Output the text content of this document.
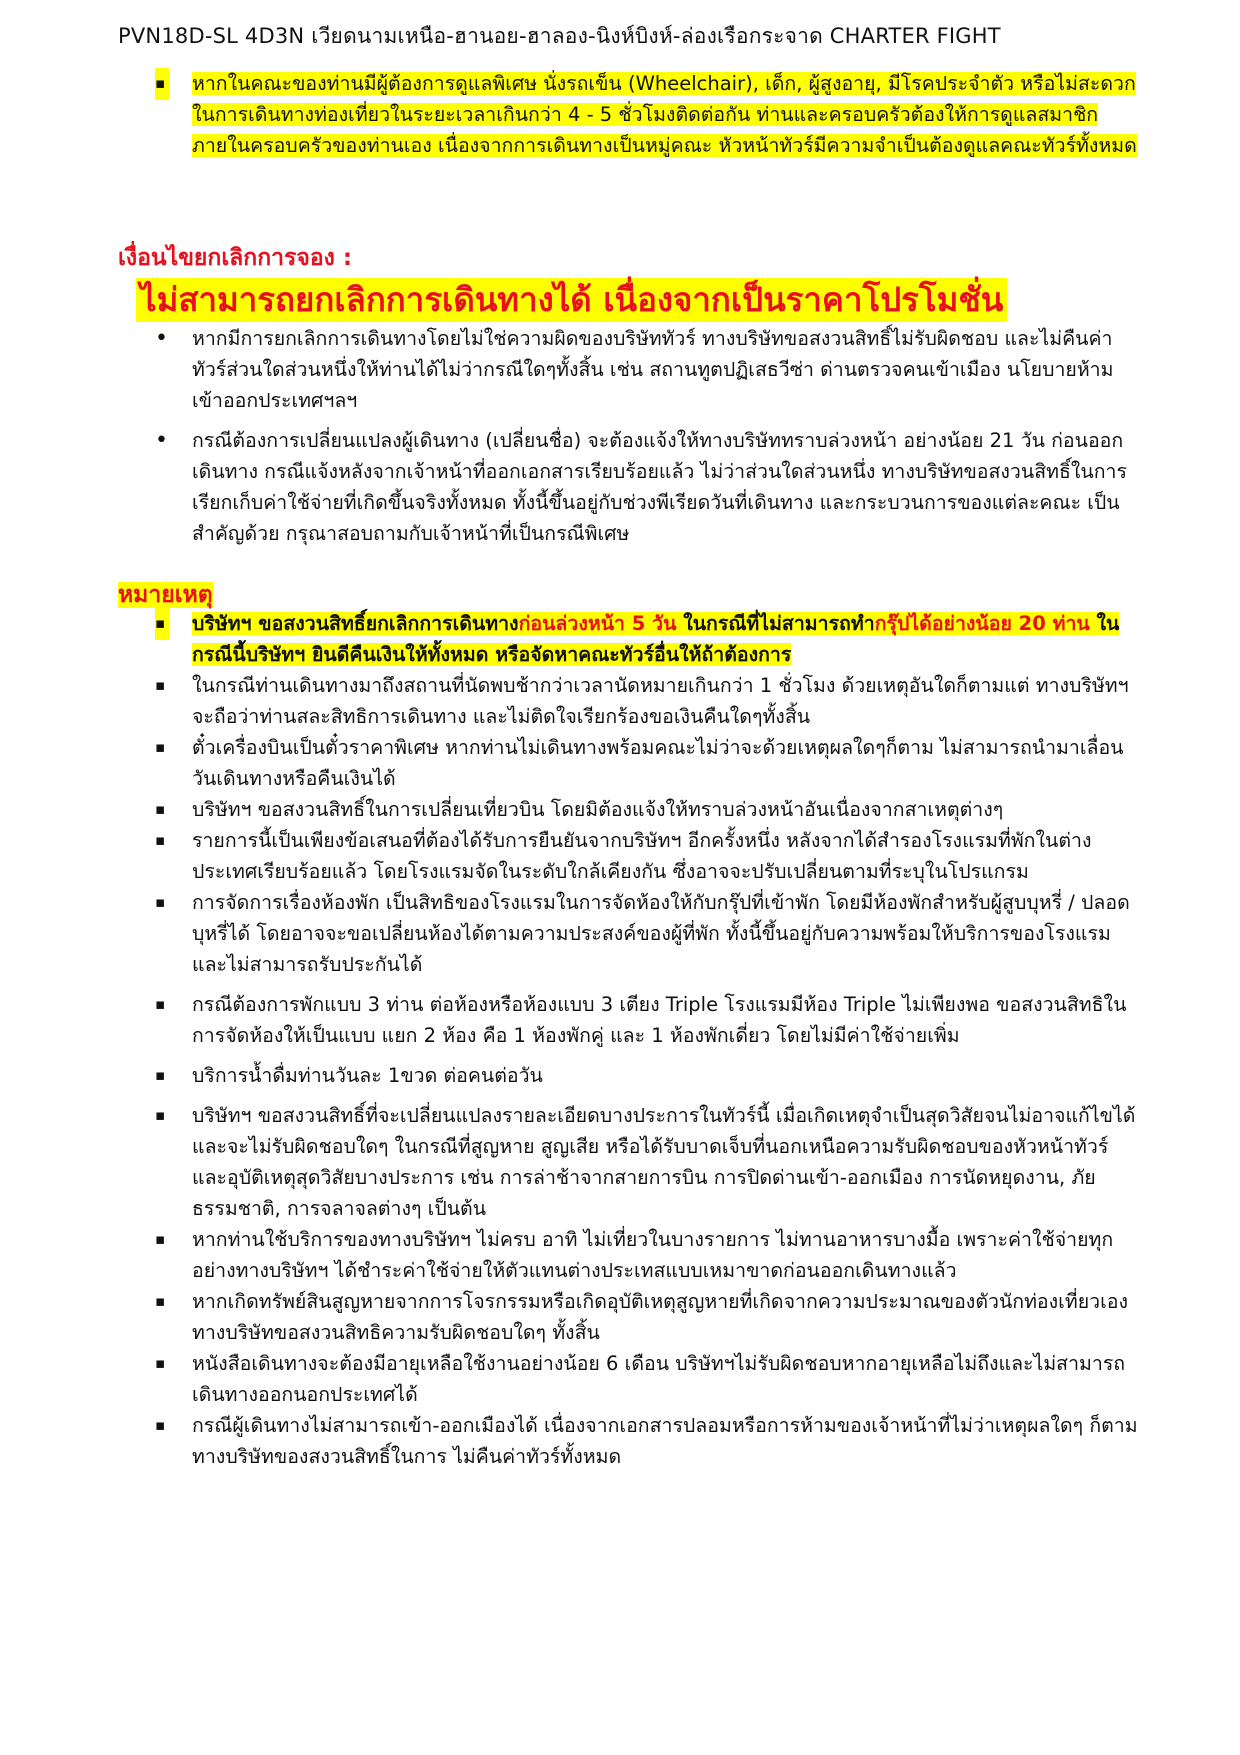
PVN18D-SL 4D3N เวียดนามเหนือ-ฮานอย-ฮาลอง-นิงห์บิงห์-ล่องเรือกระจาด CHARTER FIGHT
▪
หากในคณะของท่านมีผู้ต้องการดูแลพิเศษ นั่งรถเข็น (Wheelchair), เด็ก, ผู้สูงอายุ, มีโรคประจำตัว หรือไม่สะดวกในการเดินทางท่องเที่ยวในระยะเวลาเกินกว่า 4 - 5 ชั่วโมงติดต่อกัน ท่านและครอบครัวต้องให้การดูแลสมาชิกภายในครอบครัวของท่านเอง เนื่องจากการเดินทางเป็นหมู่คณะ หัวหน้าทัวร์มีความจำเป็นต้องดูแลคณะทัวร์ทั้งหมด
เงื่อนไขยกเลิกการจอง :
ไม่สามารถยกเลิกการเดินทางได้ เนื่องจากเป็นราคาโปรโมชั่น
•
หากมีการยกเลิกการเดินทางโดยไม่ใช่ความผิดของบริษัททัวร์ ทางบริษัทขอสงวนสิทธิ์ไม่รับผิดชอบ และไม่คืนค่าทัวร์ส่วนใดส่วนหนึ่งให้ท่านได้ไม่ว่ากรณีใดๆทั้งสิ้น เช่น สถานทูตปฏิเสธวีซ่า ด่านตรวจคนเข้าเมือง นโยบายห้ามเข้าออกประเทศฯลฯ
•
กรณีต้องการเปลี่ยนแปลงผู้เดินทาง (เปลี่ยนชื่อ) จะต้องแจ้งให้ทางบริษัททราบล่วงหน้า อย่างน้อย 21 วัน ก่อนออกเดินทาง กรณีแจ้งหลังจากเจ้าหน้าที่ออกเอกสารเรียบร้อยแล้ว ไม่ว่าส่วนใดส่วนหนึ่ง ทางบริษัทขอสงวนสิทธิ์ในการเรียกเก็บค่าใช้จ่ายที่เกิดขึ้นจริงทั้งหมด ทั้งนี้ขึ้นอยู่กับช่วงพีเรียดวันที่เดินทาง และกระบวนการของแต่ละคณะ เป็นสำคัญด้วย กรุณาสอบถามกับเจ้าหน้าที่เป็นกรณีพิเศษ
หมายเหตุ
▪
บริษัทฯ ขอสงวนสิทธิ์ยกเลิกการเดินทางก่อนล่วงหน้า 5 วัน ในกรณีที่ไม่สามารถทำกรุ๊ปได้อย่างน้อย 20 ท่าน ในกรณีนี้บริษัทฯ ยินดีคืนเงินให้ทั้งหมด หรือจัดหาคณะทัวร์อื่นให้ถ้าต้องการ
▪
ในกรณีท่านเดินทางมาถึงสถานที่นัดพบช้ากว่าเวลานัดหมายเกินกว่า 1 ชั่วโมง ด้วยเหตุอันใดก็ตามแต่ ทางบริษัทฯจะถือว่าท่านสละสิทธิการเดินทาง และไม่ติดใจเรียกร้องขอเงินคืนใดๆทั้งสิ้น
▪
ตั๋วเครื่องบินเป็นตั๋วราคาพิเศษ หากท่านไม่เดินทางพร้อมคณะไม่ว่าจะด้วยเหตุผลใดๆก็ตาม ไม่สามารถนำมาเลื่อนวันเดินทางหรือคืนเงินได้
▪
บริษัทฯ ขอสงวนสิทธิ์ในการเปลี่ยนเที่ยวบิน โดยมิต้องแจ้งให้ทราบล่วงหน้าอันเนื่องจากสาเหตุต่างๆ
▪
รายการนี้เป็นเพียงข้อเสนอที่ต้องได้รับการยืนยันจากบริษัทฯ อีกครั้งหนึ่ง หลังจากได้สำรองโรงแรมที่พักในต่างประเทศเรียบร้อยแล้ว โดยโรงแรมจัดในระดับใกล้เคียงกัน ซึ่งอาจจะปรับเปลี่ยนตามที่ระบุในโปรแกรม
▪
การจัดการเรื่องห้องพัก เป็นสิทธิของโรงแรมในการจัดห้องให้กับกรุ๊ปที่เข้าพัก โดยมีห้องพักสำหรับผู้สูบบุหรี่ / ปลอดบุหรี่ได้ โดยอาจจะขอเปลี่ยนห้องได้ตามความประสงค์ของผู้ที่พัก ทั้งนี้ขึ้นอยู่กับความพร้อมให้บริการของโรงแรม และไม่สามารถรับประกันได้
▪
กรณีต้องการพักแบบ 3 ท่าน ต่อห้องหรือห้องแบบ 3 เตียง Triple โรงแรมมีห้อง Triple ไม่เพียงพอ ขอสงวนสิทธิในการจัดห้องให้เป็นแบบ แยก 2 ห้อง คือ 1 ห้องพักคู่ และ 1 ห้องพักเดี่ยว โดยไม่มีค่าใช้จ่ายเพิ่ม
▪
บริการน้ำดื่มท่านวันละ 1ขวด ต่อคนต่อวัน
▪
บริษัทฯ ขอสงวนสิทธิ์ที่จะเปลี่ยนแปลงรายละเอียดบางประการในทัวร์นี้ เมื่อเกิดเหตุจำเป็นสุดวิสัยจนไม่อาจแก้ไขได้ และจะไม่รับผิดชอบใดๆ ในกรณีที่สูญหาย สูญเสีย หรือได้รับบาดเจ็บที่นอกเหนือความรับผิดชอบของหัวหน้าทัวร์และอุบัติเหตุสุดวิสัยบางประการ เช่น การล่าช้าจากสายการบิน การปิดด่านเข้า-ออกเมือง การนัดหยุดงาน, ภัยธรรมชาติ, การจลาจลต่างๆ เป็นต้น
▪
หากท่านใช้บริการของทางบริษัทฯ ไม่ครบ อาทิ ไม่เที่ยวในบางรายการ ไม่ทานอาหารบางมื้อ เพราะค่าใช้จ่ายทุกอย่างทางบริษัทฯ ได้ชำระค่าใช้จ่ายให้ตัวแทนต่างประเทสแบบเหมาขาดก่อนออกเดินทางแล้ว
▪
หากเกิดทรัพย์สินสูญหายจากการโจรกรรมหรือเกิดอุบัติเหตุสูญหายที่เกิดจากความประมาณของตัวนักท่องเที่ยวเอง ทางบริษัทขอสงวนสิทธิความรับผิดชอบใดๆ ทั้งสิ้น
▪
หนังสือเดินทางจะต้องมีอายุเหลือใช้งานอย่างน้อย 6 เดือน บริษัทฯไม่รับผิดชอบหากอายุเหลือไม่ถึงและไม่สามารถเดินทางออกนอกประเทศได้
▪
กรณีผู้เดินทางไม่สามารถเข้า-ออกเมืองได้ เนื่องจากเอกสารปลอมหรือการห้ามของเจ้าหน้าที่ไม่ว่าเหตุผลใดๆ ก็ตามทางบริษัทของสงวนสิทธิ์ในการ ไม่คืนค่าทัวร์ทั้งหมด
